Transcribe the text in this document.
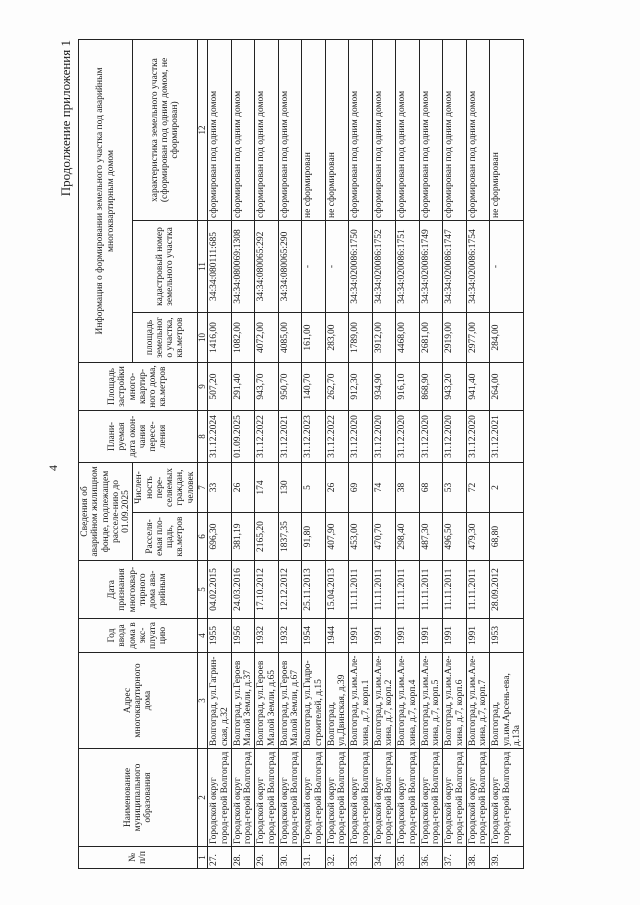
4
Продолжение приложения 1
№ п/п	Наименование муниципального образования	Адрес многоквартирного дома	Год ввода дома в экс-плуатацию	Дата признания многоквар-тирного дома ава-рийным	Сведения об аварийном жилищном фонде, подлежащем расселе-нию до 01.09.2025		Плани-руемая дата окон-чания пересе-ления	Площадь застройки много-квартир-ного дома, кв.метров	Информация о формировании земельного участка под аварийным многоквартирным домом		
					Расселя-емая пло-щадь, кв.метров	Числен-ность пере-селяемых граждан, человек			площадь земельного участка, кв.метров	кадастровый номер земельного участка	характеристика земельного участка (сформирован под одним домом, не сформирован)
1	2	3	4	5	6	7	8	9	10	11	12
27.	Городской округ город-герой Волгоград	Волгоград, ул.Гагрин-ская, д.32	1955	04.02.2015	696,30	33	31.12.2024	507,20	1416,00	34:34:080111:685	сформирован под одним домом
28.	Городской округ город-герой Волгоград	Волгоград, ул.Героев Малой Земли, д.37	1956	24.03.2016	381,19	26	01.09.2025	291,40	1082,00	34:34:080069:1308	сформирован под одним домом
29.	Городской округ город-герой Волгоград	Волгоград, ул.Героев Малой Земли, д.65	1932	17.10.2012	2165,20	174	31.12.2022	943,70	4072,00	34:34:080065:292	сформирован под одним домом
30.	Городской округ город-герой Волгоград	Волгоград, ул.Героев Малой Земли, д.67	1932	12.12.2012	1837,35	130	31.12.2021	950,70	4085,00	34:34:080065:290	сформирован под одним домом
31.	Городской округ город-герой Волгоград	Волгоград, ул.Гидро-строителей, д.15	1954	25.11.2013	91,80	5	31.12.2023	140,70	161,00	-	не сформирован
32.	Городской округ город-герой Волгоград	Волгоград, ул.Двинская, д.39	1944	15.04.2013	407,90	26	31.12.2022	262,70	283,00	-	не сформирован
33.	Городской округ город-герой Волгоград	Волгоград, ул.им.Але-хина, д.7, корп.1	1991	11.11.2011	453,00	69	31.12.2020	912,30	1789,00	34:34:020086:1750	сформирован под одним домом
34.	Городской округ город-герой Волгоград	Волгоград, ул.им.Але-хина, д.7, корп.2	1991	11.11.2011	470,70	74	31.12.2020	934,90	3912,00	34:34:020086:1752	сформирован под одним домом
35.	Городской округ город-герой Волгоград	Волгоград, ул.им.Але-хина, д.7, корп.4	1991	11.11.2011	298,40	38	31.12.2020	916,10	4468,00	34:34:020086:1751	сформирован под одним домом
36.	Городской округ город-герой Волгоград	Волгоград, ул.им.Але-хина, д.7, корп.5	1991	11.11.2011	487,30	68	31.12.2020	868,90	2681,00	34:34:020086:1749	сформирован под одним домом
37.	Городской округ город-герой Волгоград	Волгоград, ул.им.Але-хина, д.7, корп.6	1991	11.11.2011	496,50	53	31.12.2020	943,20	2919,00	34:34:020086:1747	сформирован под одним домом
38.	Городской округ город-герой Волгоград	Волгоград, ул.им.Але-хина, д.7, корп.7	1991	11.11.2011	479,30	72	31.12.2020	941,40	2977,00	34:34:020086:1754	сформирован под одним домом
39.	Городской округ город-герой Волгоград	Волгоград, ул.им.Арсень-ева, д.13а	1953	28.09.2012	68,80	2	31.12.2021	264,00	284,00	-	не сформирован
